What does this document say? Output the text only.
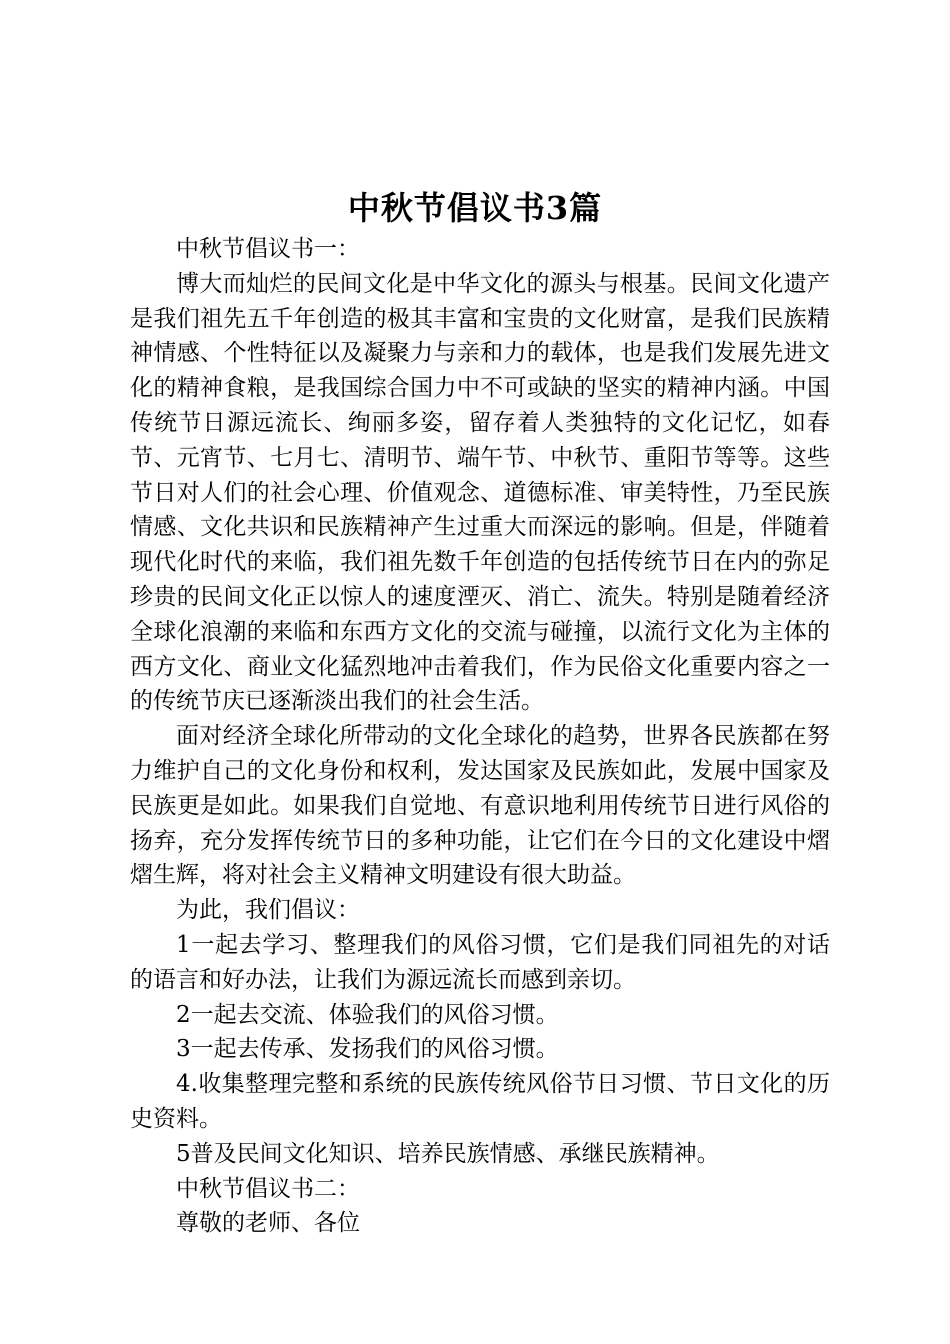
中秋节倡议书3篇

中秋节倡议书一：

博大而灿烂的民间文化是中华文化的源头与根基。民间文化遗产是我们祖先五千年创造的极其丰富和宝贵的文化财富，是我们民族精神情感、个性特征以及凝聚力与亲和力的载体，也是我们发展先进文化的精神食粮，是我国综合国力中不可或缺的坚实的精神内涵。中国传统节日源远流长、绚丽多姿，留存着人类独特的文化记忆，如春节、元宵节、七月七、清明节、端午节、中秋节、重阳节等等。这些节日对人们的社会心理、价值观念、道德标准、审美特性，乃至民族情感、文化共识和民族精神产生过重大而深远的影响。但是，伴随着现代化时代的来临，我们祖先数千年创造的包括传统节日在内的弥足珍贵的民间文化正以惊人的速度湮灭、消亡、流失。特别是随着经济全球化浪潮的来临和东西方文化的交流与碰撞，以流行文化为主体的西方文化、商业文化猛烈地冲击着我们，作为民俗文化重要内容之一的传统节庆已逐渐淡出我们的社会生活。

面对经济全球化所带动的文化全球化的趋势，世界各民族都在努力维护自己的文化身份和权利，发达国家及民族如此，发展中国家及民族更是如此。如果我们自觉地、有意识地利用传统节日进行风俗的扬弃，充分发挥传统节日的多种功能，让它们在今日的文化建设中熠熠生辉，将对社会主义精神文明建设有很大助益。

为此，我们倡议：

1一起去学习、整理我们的风俗习惯，它们是我们同祖先的对话的语言和好办法，让我们为源远流长而感到亲切。

2一起去交流、体验我们的风俗习惯。

3一起去传承、发扬我们的风俗习惯。

4.收集整理完整和系统的民族传统风俗节日习惯、节日文化的历史资料。

5普及民间文化知识、培养民族情感、承继民族精神。

中秋节倡议书二：

尊敬的老师、各位
